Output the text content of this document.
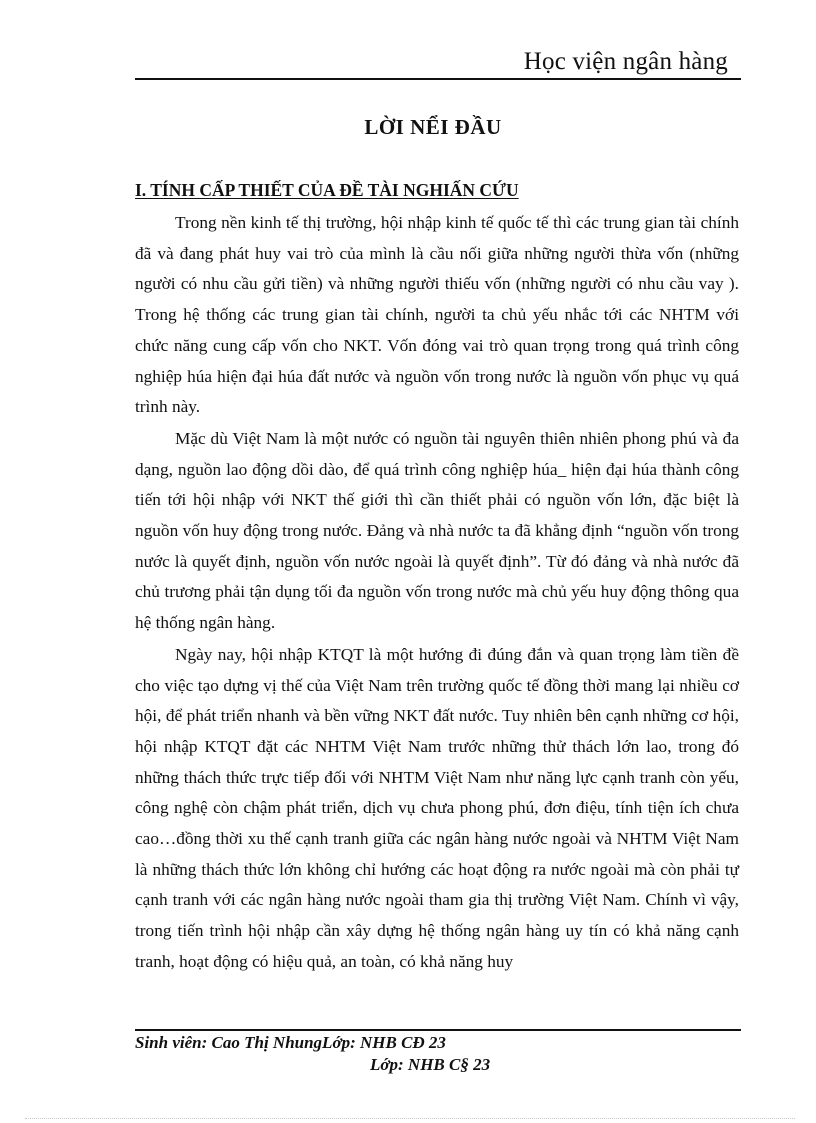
Học viện ngân hàng
LỜI NỂI ĐẦU
I. TÍNH CẤP THIẾT CỦA ĐỀ TÀI NGHIẤN CỨU

Trong nền kinh tế thị trường, hội nhập kinh tế quốc tế thì các trung gian tài chính đã và đang phát huy vai trò của mình là cầu nối giữa những người thừa vốn (những người có nhu cầu gửi tiền) và những người thiếu vốn (những người có nhu cầu vay ). Trong hệ thống các trung gian tài chính, người ta chủ yếu nhắc tới các NHTM với chức năng cung cấp vốn cho NKT. Vốn đóng vai trò quan trọng trong quá trình công nghiệp húa hiện đại húa đất nước và nguồn vốn trong nước là nguồn vốn phục vụ quá trình này.

Mặc dù Việt Nam là một nước có nguồn tài nguyên thiên nhiên phong phú và đa dạng, nguồn lao động dồi dào, để quá trình công nghiệp húa_ hiện đại húa thành công tiến tới hội nhập với NKT thế giới thì cần thiết phải có nguồn vốn lớn, đặc biệt là nguồn vốn huy động trong nước. Đảng và nhà nước ta đã khẳng định “nguồn vốn trong nước là quyết định, nguồn vốn nước ngoài là quyết định”. Từ đó đảng và nhà nước đã chủ trương phải tận dụng tối đa nguồn vốn trong nước mà chủ yếu huy động thông qua hệ thống ngân hàng.

Ngày nay, hội nhập KTQT là một hướng đi đúng đắn và quan trọng làm tiền đề cho việc tạo dựng vị thế của Việt Nam trên trường quốc tế đồng thời mang lại nhiều cơ hội, để phát triển nhanh và bền vững NKT đất nước. Tuy nhiên bên cạnh những cơ hội, hội nhập KTQT đặt các NHTM Việt Nam trước những thử thách lớn lao, trong đó những thách thức trực tiếp đối với NHTM Việt Nam như năng lực cạnh tranh còn yếu, công nghệ còn chậm phát triển, dịch vụ chưa phong phú, đơn điệu, tính tiện ích chưa cao…đồng thời xu thế cạnh tranh giữa các ngân hàng nước ngoài và NHTM Việt Nam là những thách thức lớn không chỉ hướng các hoạt động ra nước ngoài mà còn phải tự cạnh tranh với các ngân hàng nước ngoài tham gia thị trường Việt Nam. Chính vì vậy, trong tiến trình hội nhập cần xây dựng hệ thống ngân hàng uy tín có khả năng cạnh tranh, hoạt động có hiệu quả, an toàn, có khả năng huy

Sinh viên: Cao Thị NhungLớp: NHB CĐ 23
Lớp: NHB C§ 23
